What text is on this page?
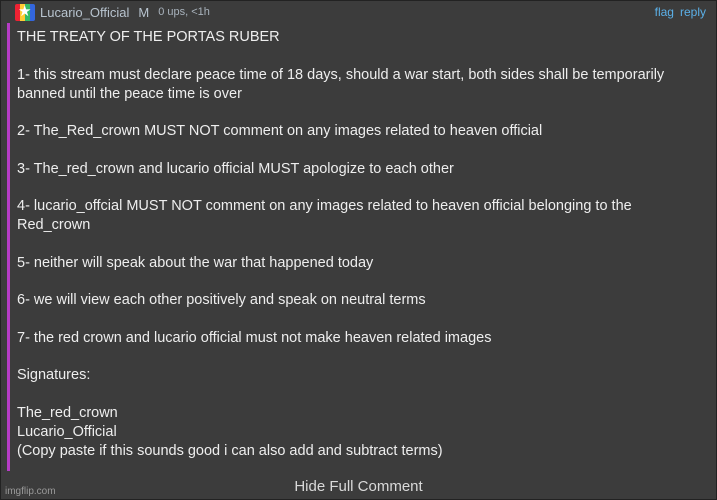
★ Lucario_Official M 0 ups, <1h	flag reply

THE TREATY OF THE PORTAS RUBER

1- this stream must declare peace time of 18 days, should a war start, both sides shall be temporarily banned until the peace time is over

2- The_Red_crown MUST NOT comment on any images related to heaven official

3- The_red_crown and lucario official MUST apologize to each other

4- lucario_offcial MUST NOT comment on any images related to heaven official belonging to the Red_crown

5- neither will speak about the war that happened today

6- we will view each other positively and speak on neutral terms

7- the red crown and lucario official must not make heaven related images

Signatures:

The_red_crown

Lucario_Official

(Copy paste if this sounds good i can also add and subtract terms)

Hide Full Comment
imgflip.com
